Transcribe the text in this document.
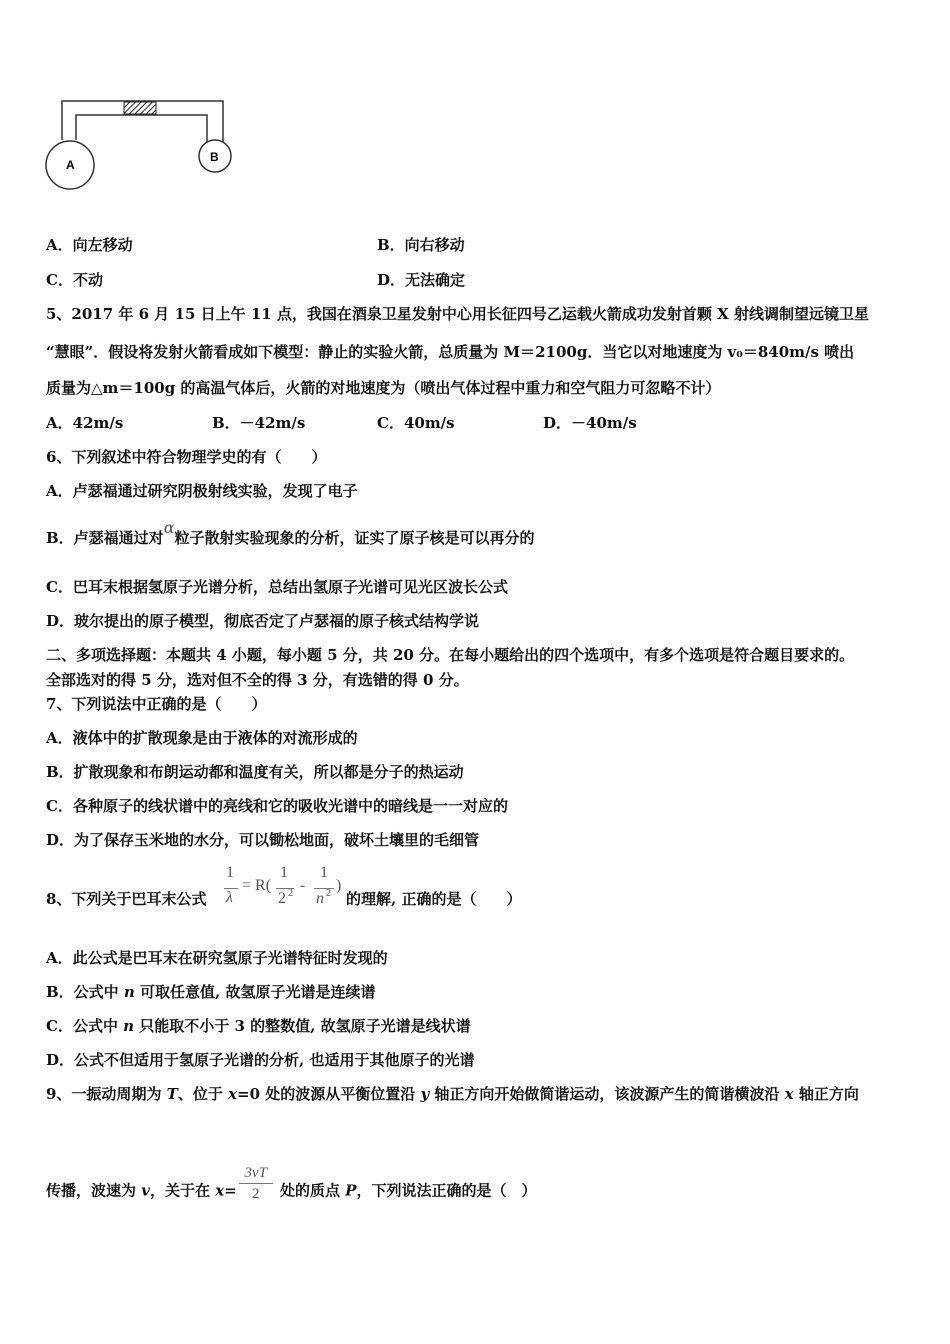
A
B
A．向左移动	B．向右移动
C．不动	D．无法确定
5、2017 年 6 月 15 日上午 11 点，我国在酒泉卫星发射中心用长征四号乙运载火箭成功发射首颗 X 射线调制望远镜卫星
“慧眼”．假设将发射火箭看成如下模型：静止的实验火箭，总质量为 M＝2100g．当它以对地速度为 v₀＝840m/s 喷出
质量为△m＝100g 的高温气体后，火箭的对地速度为（喷出气体过程中重力和空气阻力可忽略不计）
A．42m/s	B．－42m/s	C．40m/s	D．－40m/s
6、下列叙述中符合物理学史的有（　　）
A．卢瑟福通过研究阴极射线实验，发现了电子
B．卢瑟福通过对α粒子散射实验现象的分析，证实了原子核是可以再分的
C．巴耳末根据氢原子光谱分析，总结出氢原子光谱可见光区波长公式
D．玻尔提出的原子模型，彻底否定了卢瑟福的原子核式结构学说
二、多项选择题：本题共 4 小题，每小题 5 分，共 20 分。在每小题给出的四个选项中，有多个选项是符合题目要求的。
全部选对的得 5 分，选对但不全的得 3 分，有选错的得 0 分。
7、下列说法中正确的是（　　）
A．液体中的扩散现象是由于液体的对流形成的
B．扩散现象和布朗运动都和温度有关，所以都是分子的热运动
C．各种原子的线状谱中的亮线和它的吸收光谱中的暗线是一一对应的
D．为了保存玉米地的水分，可以锄松地面，破坏土壤里的毛细管
8、下列关于巴耳末公式
1
λ
= R(
1
2 2 -
1
n 2 )
的理解, 正确的是（　　）
A．此公式是巴耳末在研究氢原子光谱特征时发现的
B．公式中 n 可取任意值, 故氢原子光谱是连续谱
C．公式中 n 只能取不小于 3 的整数值, 故氢原子光谱是线状谱
D．公式不但适用于氢原子光谱的分析, 也适用于其他原子的光谱
9、一振动周期为 T、位于 x=0 处的波源从平衡位置沿 y 轴正方向开始做简谐运动，该波源产生的简谐横波沿 x 轴正方向
传播，波速为 v，关于在 $x= \frac{3vT}{2}$ 处的质点 P，下列说法正确的是（　）
